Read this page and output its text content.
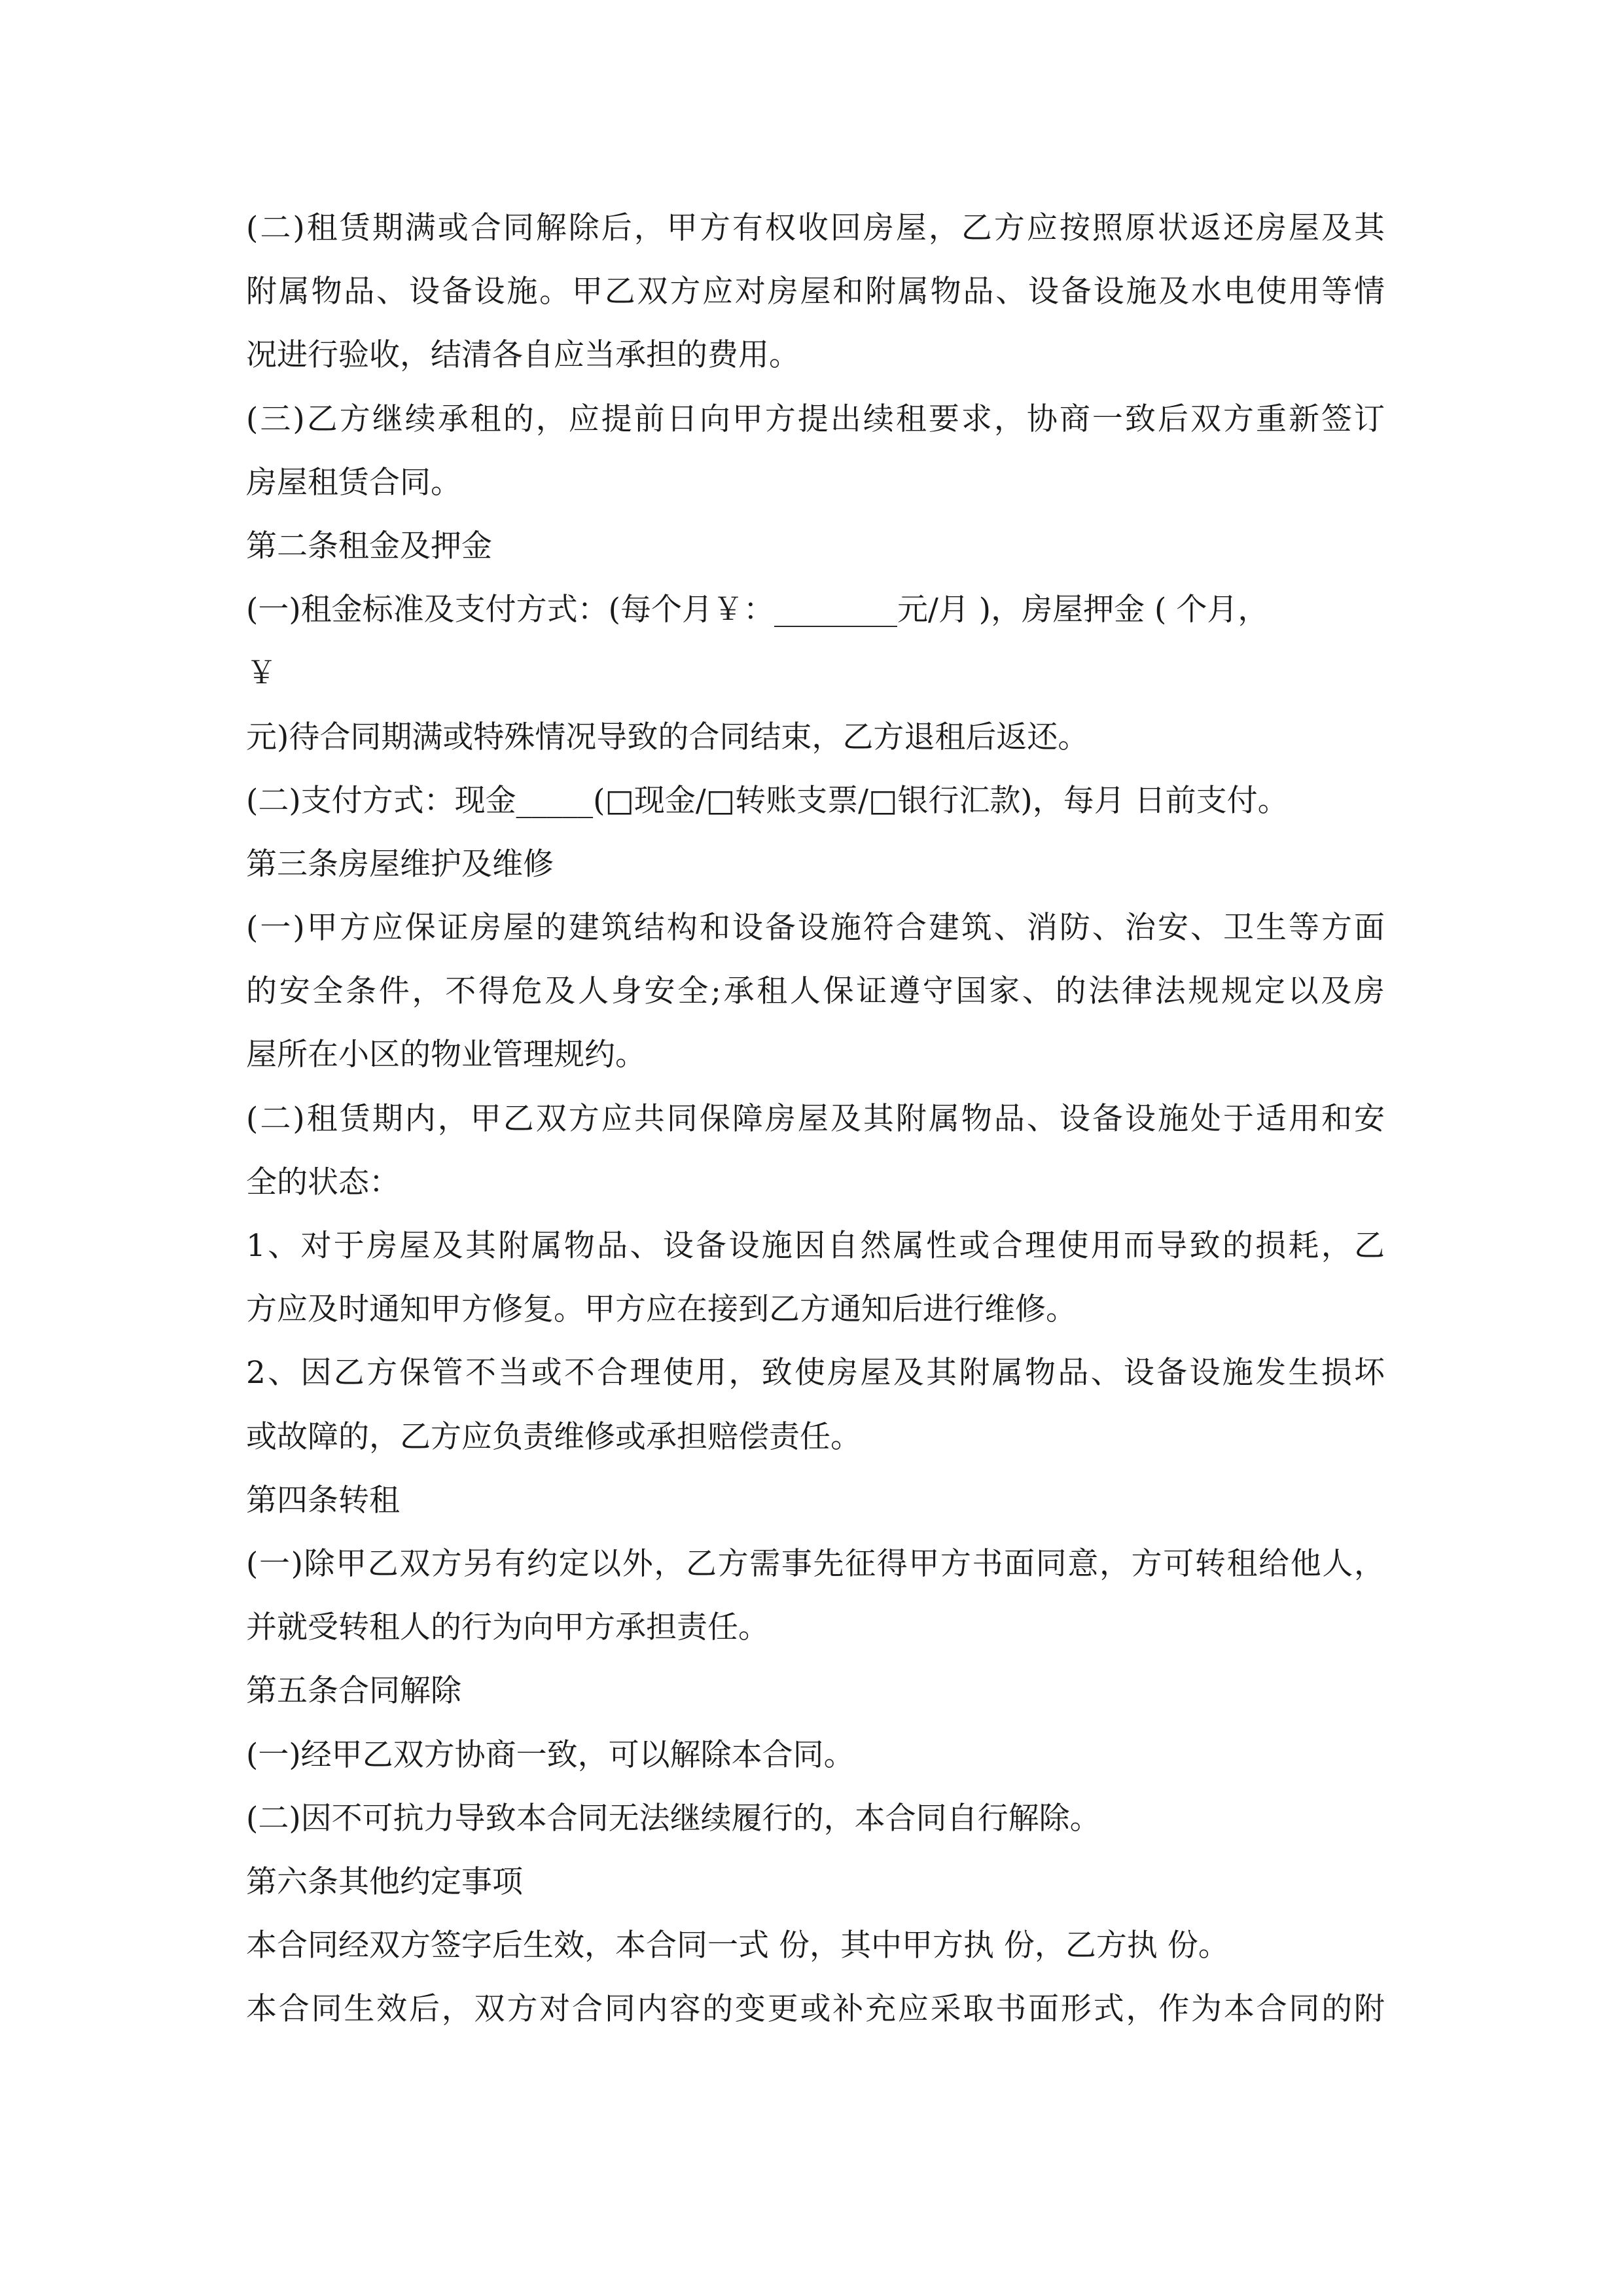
(二)租赁期满或合同解除后，甲方有权收回房屋，乙方应按照原状返还房屋及其
附属物品、设备设施。甲乙双方应对房屋和附属物品、设备设施及水电使用等情
况进行验收，结清各自应当承担的费用。
(三)乙方继续承租的，应提前日向甲方提出续租要求，协商一致后双方重新签订
房屋租赁合同。
第二条租金及押金
(一)租金标准及支付方式：(每个月￥：________元/月 )，房屋押金 ( 个月，
￥
元)待合同期满或特殊情况导致的合同结束，乙方退租后返还。
(二)支付方式：现金_____(□现金/□转账支票/□银行汇款)，每月 日前支付。
第三条房屋维护及维修
(一)甲方应保证房屋的建筑结构和设备设施符合建筑、消防、治安、卫生等方面
的安全条件，不得危及人身安全;承租人保证遵守国家、的法律法规规定以及房
屋所在小区的物业管理规约。
(二)租赁期内，甲乙双方应共同保障房屋及其附属物品、设备设施处于适用和安
全的状态：
1、对于房屋及其附属物品、设备设施因自然属性或合理使用而导致的损耗，乙
方应及时通知甲方修复。甲方应在接到乙方通知后进行维修。
2、因乙方保管不当或不合理使用，致使房屋及其附属物品、设备设施发生损坏
或故障的，乙方应负责维修或承担赔偿责任。
第四条转租
(一)除甲乙双方另有约定以外，乙方需事先征得甲方书面同意，方可转租给他人，
并就受转租人的行为向甲方承担责任。
第五条合同解除
(一)经甲乙双方协商一致，可以解除本合同。
(二)因不可抗力导致本合同无法继续履行的，本合同自行解除。
第六条其他约定事项
本合同经双方签字后生效，本合同一式 份，其中甲方执 份，乙方执 份。
本合同生效后，双方对合同内容的变更或补充应采取书面形式，作为本合同的附
